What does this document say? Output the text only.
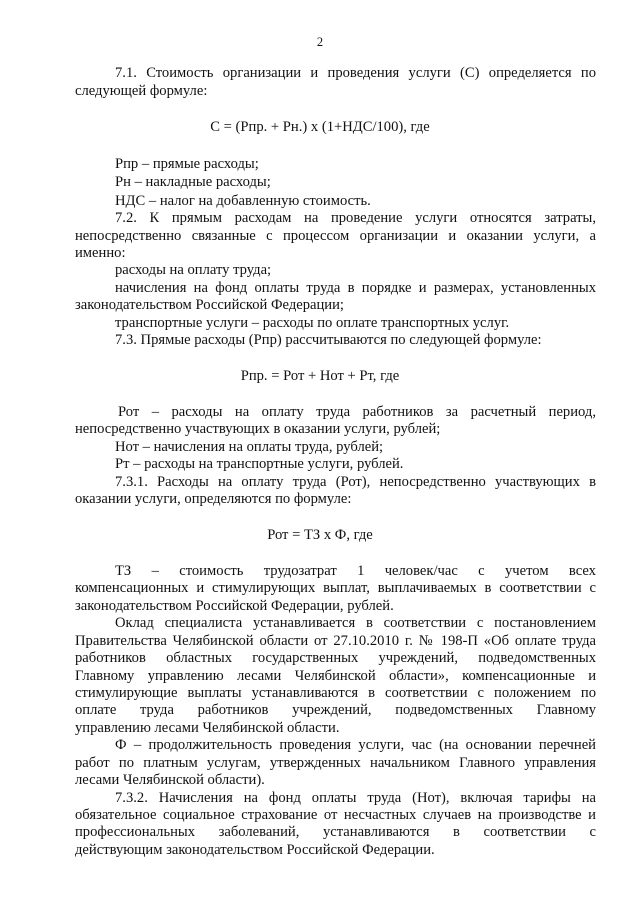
2
7.1. Стоимость организации и проведения услуги (С) определяется по
следующей формуле:
С = (Рпр. + Рн.) х (1+НДС/100), где
Рпр – прямые расходы;
Рн – накладные расходы;
НДС – налог на добавленную стоимость.
7.2. К прямым расходам на проведение услуги относятся затраты,
непосредственно связанные с процессом организации и оказании услуги, а
именно:
расходы на оплату труда;
начисления на фонд оплаты труда в порядке и размерах, установленных
законодательством Российской Федерации;
транспортные услуги – расходы по оплате транспортных услуг.
7.3. Прямые расходы (Рпр) рассчитываются по следующей формуле:
Рпр. = Рот + Нот + Рт, где
Рот – расходы на оплату труда работников за расчетный период,
непосредственно участвующих в оказании услуги, рублей;
Нот – начисления на оплаты труда, рублей;
Рт – расходы на транспортные услуги, рублей.
7.3.1. Расходы на оплату труда (Рот), непосредственно участвующих в
оказании услуги, определяются по формуле:
Рот = ТЗ х Ф, где
ТЗ – стоимость трудозатрат 1 человек/час с учетом всех
компенсационных и стимулирующих выплат, выплачиваемых в соответствии с
законодательством Российской Федерации, рублей.
Оклад специалиста устанавливается в соответствии с постановлением
Правительства Челябинской области от 27.10.2010 г. № 198-П «Об оплате труда
работников областных государственных учреждений, подведомственных
Главному управлению лесами Челябинской области», компенсационные и
стимулирующие выплаты устанавливаются в соответствии с положением по
оплате труда работников учреждений, подведомственных Главному
управлению лесами Челябинской области.
Ф – продолжительность проведения услуги, час (на основании перечней
работ по платным услугам, утвержденных начальником Главного управления
лесами Челябинской области).
7.3.2. Начисления на фонд оплаты труда (Нот), включая тарифы на
обязательное социальное страхование от несчастных случаев на производстве и
профессиональных заболеваний, устанавливаются в соответствии с
действующим законодательством Российской Федерации.
